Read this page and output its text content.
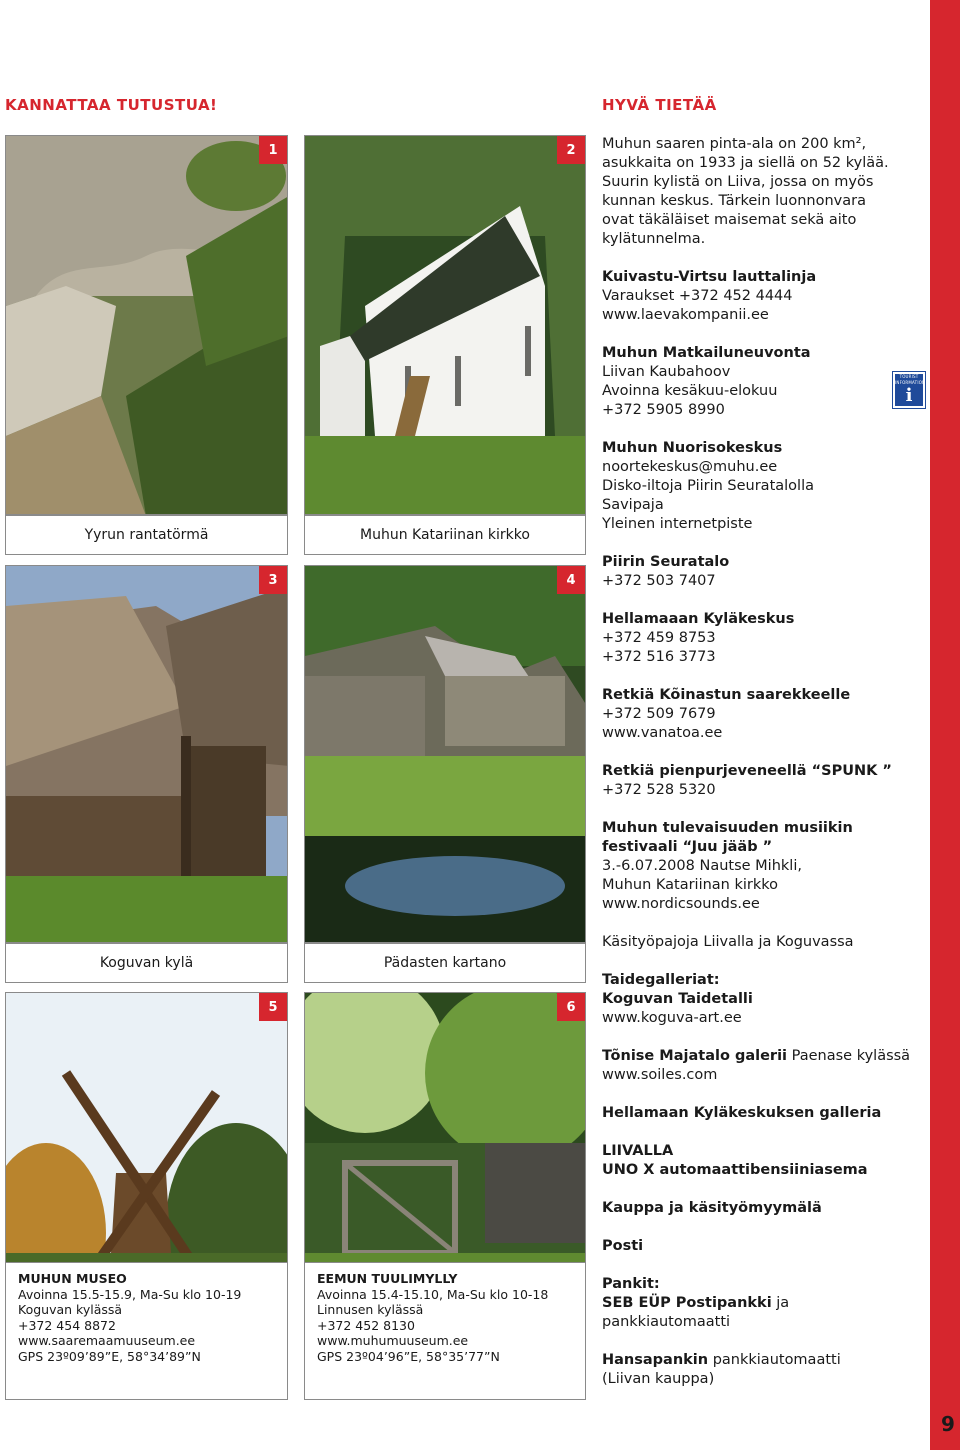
9
KANNATTAA TUTUSTUA!	HYVÄ TIETÄÄ
1
Yyrun rantatörmä
2
Muhun Katariinan kirkko
3
Koguvan kylä
4
Pädasten kartano
5	6
MUHUN MUSEO
Avoinna 15.5-15.9, Ma-Su klo 10-19
Koguvan kylässä
+372 454 8872
www.saaremaamuuseum.ee
GPS 23º09’89”E, 58°34’89”N
EEMUN TUULIMYLLY
Avoinna 15.4-15.10, Ma-Su klo 10-18
Linnusen kylässä
+372 452 8130
www.muhumuuseum.ee
GPS 23º04’96”E, 58°35’77”N
TOURIST INFORMATION
i

Muhun saaren pinta-ala on 200 km²,
asukkaita on 1933 ja siellä on 52 kylää.
Suurin kylistä on Liiva, jossa on myös
kunnan keskus. Tärkein luonnonvara
ovat täkäläiset maisemat sekä aito
kylätunnelma.

Kuivastu-Virtsu lauttalinja
Varaukset +372 452 4444
www.laevakompanii.ee

Muhun Matkailuneuvonta
Liivan Kaubahoov
Avoinna kesäkuu-elokuu
+372 5905 8990

Muhun Nuorisokeskus
noortekeskus@muhu.ee
Disko-iltoja Piirin Seuratalolla
Savipaja
Yleinen internetpiste

Piirin Seuratalo
+372 503 7407

Hellamaaan Kyläkeskus
+372 459 8753
+372 516 3773

Retkiä Kõinastun saarekkeelle
+372 509 7679
www.vanatoa.ee

Retkiä pienpurjeveneellä “SPUNK ”
+372 528 5320

Muhun tulevaisuuden musiikin
festivaali “Juu jääb ”
3.-6.07.2008 Nautse Mihkli,
Muhun Katariinan kirkko
www.nordicsounds.ee

Käsityöpajoja Liivalla ja Koguvassa

Taidegalleriat:
Koguvan Taidetalli
www.koguva-art.ee

Tõnise Majatalo galerii Paenase kylässä
www.soiles.com

Hellamaan Kyläkeskuksen galleria

LIIVALLA
UNO X automaattibensiiniasema

Kauppa ja käsityömyymälä

Posti

Pankit:
SEB EÜP Postipankki ja
pankkiautomaatti

Hansapankin pankkiautomaatti
(Liivan kauppa)
